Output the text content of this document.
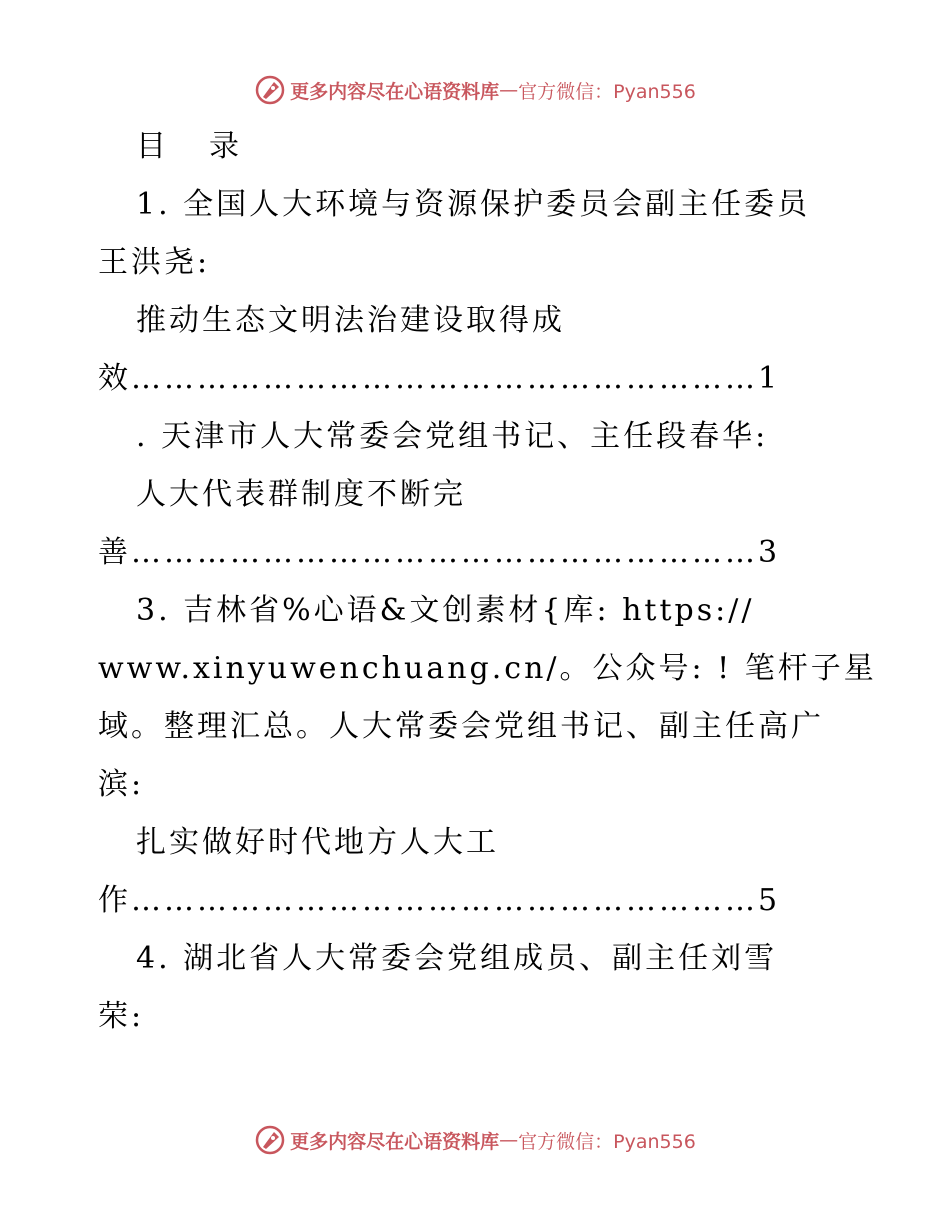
更多内容尽在心语资料库 — 官方微信：Pyan556
目 录
1. 全国人大环境与资源保护委员会副主任委员
王洪尧:
推动生态文明法治建设取得成
效…………………………………………………1
. 天津市人大常委会党组书记、主任段春华:
人大代表群制度不断完
善…………………………………………………3
3. 吉林省%心语&文创素材{库: https://
www.xinyuwenchuang.cn/。公众号: ! 笔杆子星
域。整理汇总。人大常委会党组书记、副主任高广
滨:
扎实做好时代地方人大工
作…………………………………………………5
4. 湖北省人大常委会党组成员、副主任刘雪
荣:
更多内容尽在心语资料库 — 官方微信：Pyan556
